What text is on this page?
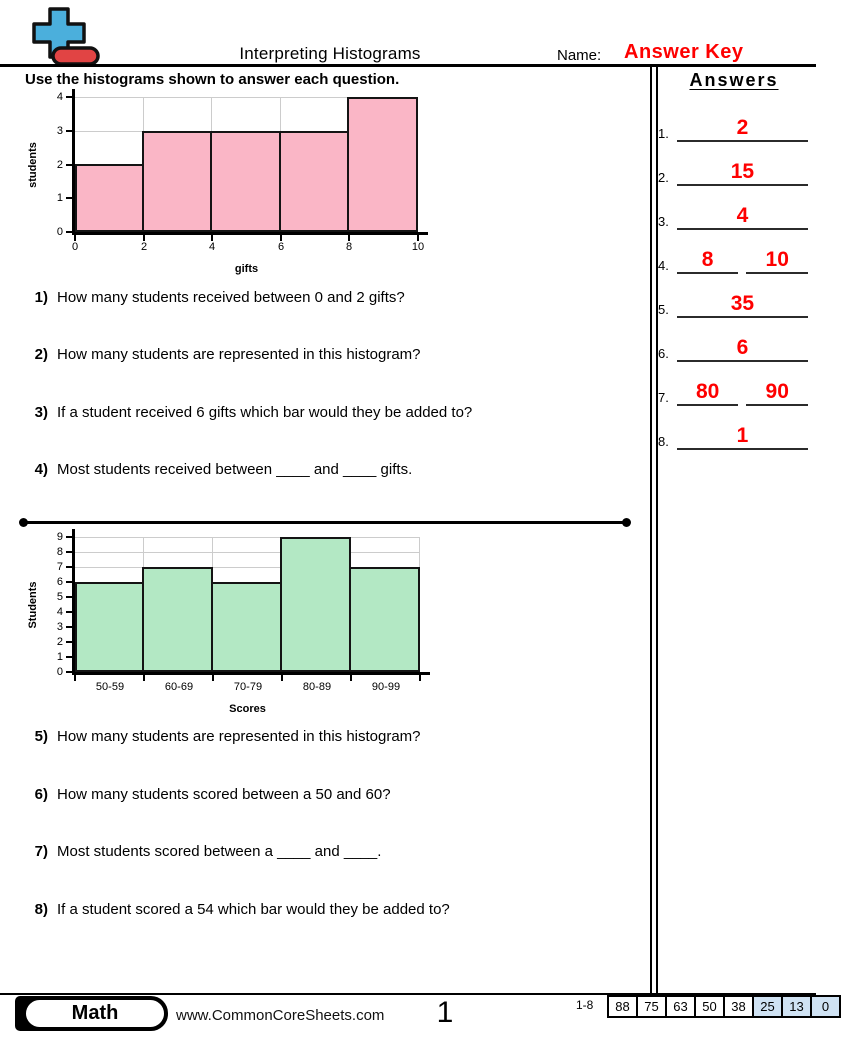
Interpreting Histograms	Name: Answer Key
Use the histograms shown to answer each question.
0
1
2
3
4
0	2	4	6	8	10
students
gifts
0
1
2
3
4
5
6
7
8
9
50-59	60-69	70-79	80-89	90-99
Students
Scores
Answers
Math	www.CommonCoreSheets.com	1	1-8	88	75	63	50	38	25	13	0
1) How many students received between 0 and 2 gifts?
2) How many students are represented in this histogram?
3) If a student received 6 gifts which bar would they be added to?
4) Most students received between ____ and ____ gifts.
5) How many students are represented in this histogram?
6) How many students scored between a 50 and 60?
7) Most students scored between a ____ and ____.
8) If a student scored a 54 which bar would they be added to?
1.	2
2.	15
3.	4
4.	8	10
5.	35
6.	6
7.	80	90
8.	1
